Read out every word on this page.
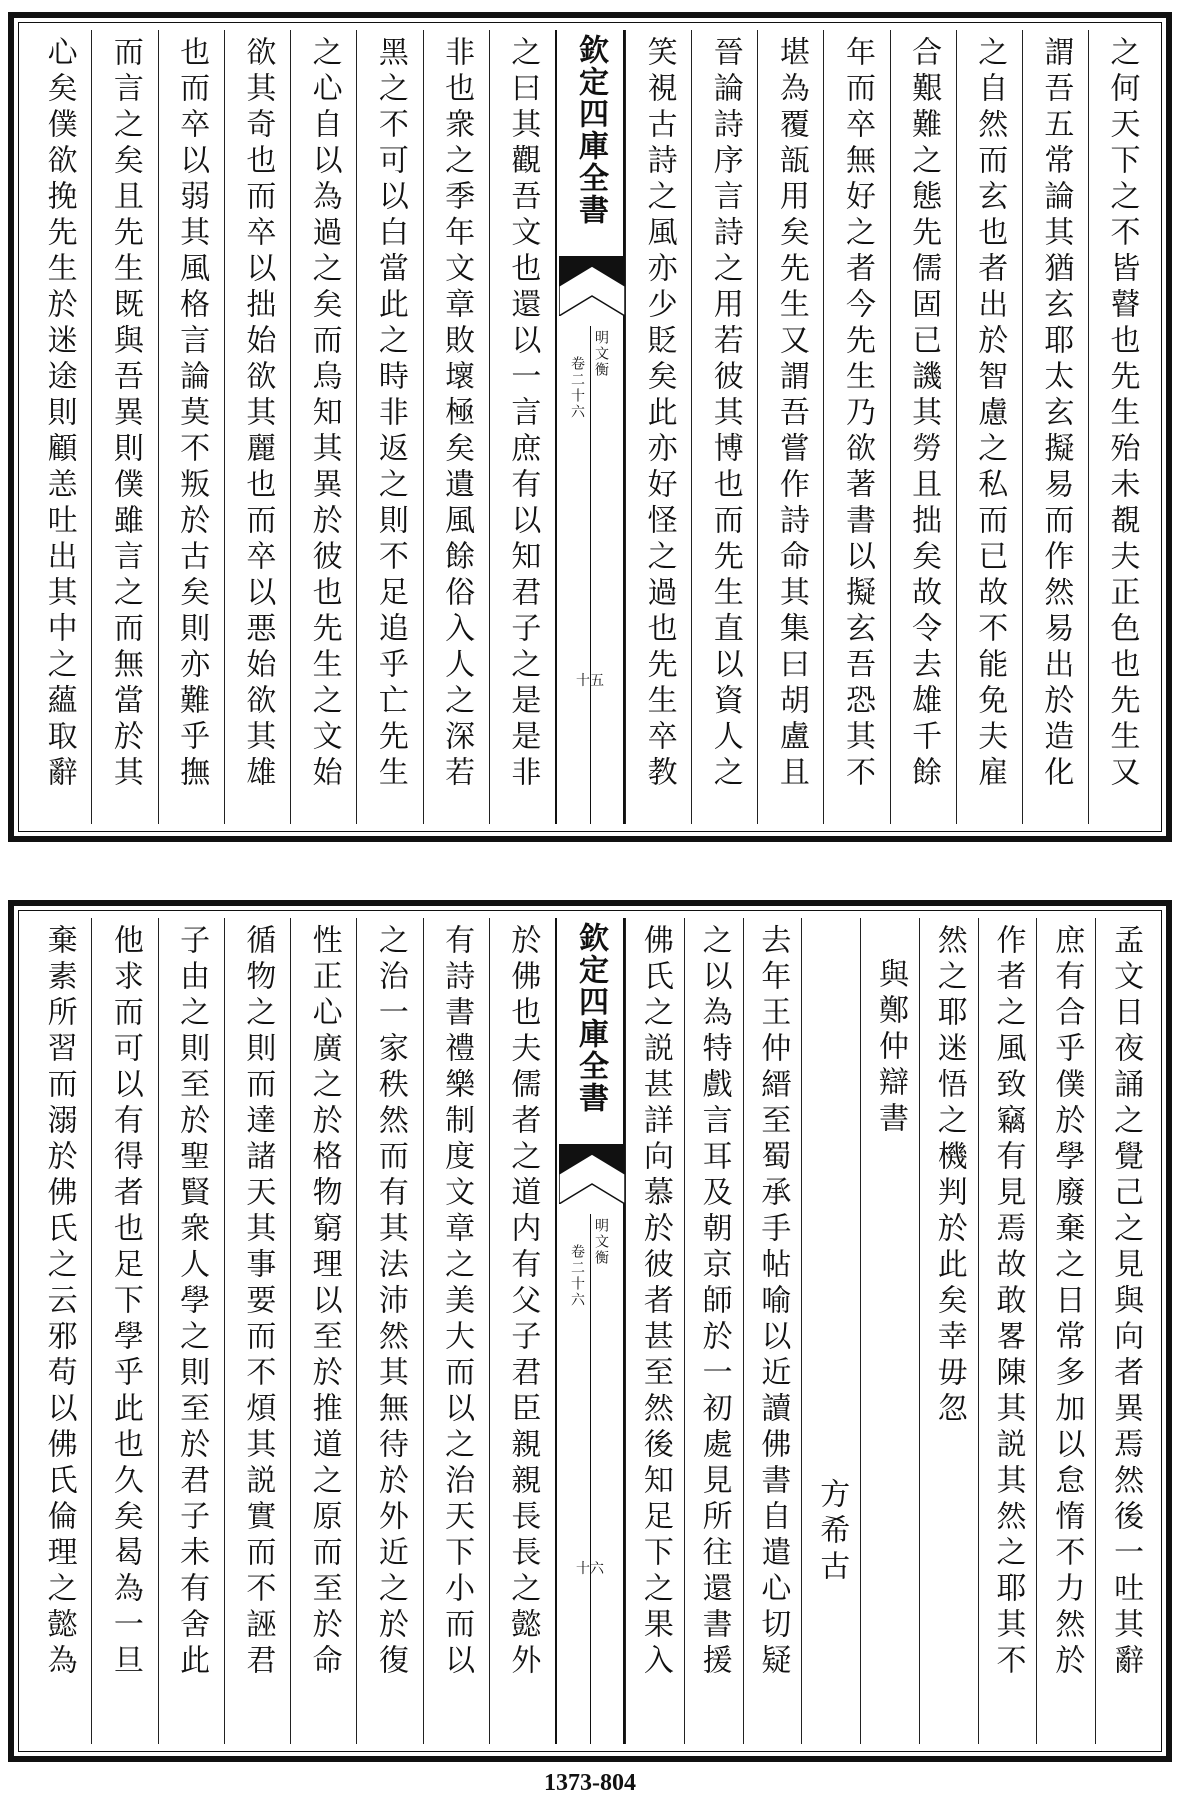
之曰其觀吾文也還以一言庶有以知君子之是是非
非也衆之季年文章敗壞極矣遺風餘俗入人之深若
黑之不可以白當此之時非返之則不足追乎亡先生
之心自以為過之矣而烏知其異於彼也先生之文始
欲其奇也而卒以拙始欲其麗也而卒以悪始欲其雄
也而卒以弱其風格言論莫不叛於古矣則亦難乎撫
而言之矣且先生既與吾異則僕雖言之而無當於其
心矣僕欲挽先生於迷途則顧恙吐出其中之蘊取辭	欽定四庫全書
明文衡
卷二十六
十五	之何天下之不皆瞽也先生殆未覩夫正色也先生又
謂吾五常論其猶玄耶太玄擬易而作然易出於造化
之自然而玄也者出於智慮之私而已故不能免夫雇
合艱難之態先儒固已譏其勞且拙矣故令去雄千餘
年而卒無好之者今先生乃欲著書以擬玄吾恐其不
堪為覆瓿用矣先生又謂吾嘗作詩命其集曰胡盧且
晉論詩序言詩之用若彼其博也而先生直以資人之
笑視古詩之風亦少貶矣此亦好怪之過也先生卒教
於佛也夫儒者之道内有父子君臣親親長長之懿外
有詩書禮樂制度文章之美大而以之治天下小而以
之治一家秩然而有其法沛然其無待於外近之於復
性正心廣之於格物窮理以至於推道之原而至於命
循物之則而達諸天其事要而不煩其説實而不誣君
子由之則至於聖賢衆人學之則至於君子未有舍此
他求而可以有得者也足下學乎此也久矣曷為一旦
棄素所習而溺於佛氏之云邪苟以佛氏倫理之懿為	欽定四庫全書
明文衡
卷二十六
十六	孟文日夜誦之覺己之見與向者異焉然後一吐其辭
庶有合乎僕於學廢棄之日常多加以怠惰不力然於
作者之風致竊有見焉故敢畧陳其説其然之耶其不
然之耶迷悟之機判於此矣幸毋忽
與鄭仲辯書
方希古
去年王仲縉至蜀承手帖喻以近讀佛書自遣心切疑
之以為特戲言耳及朝京師於一初處見所往還書援
佛氏之説甚詳向慕於彼者甚至然後知足下之果入
1373-804
